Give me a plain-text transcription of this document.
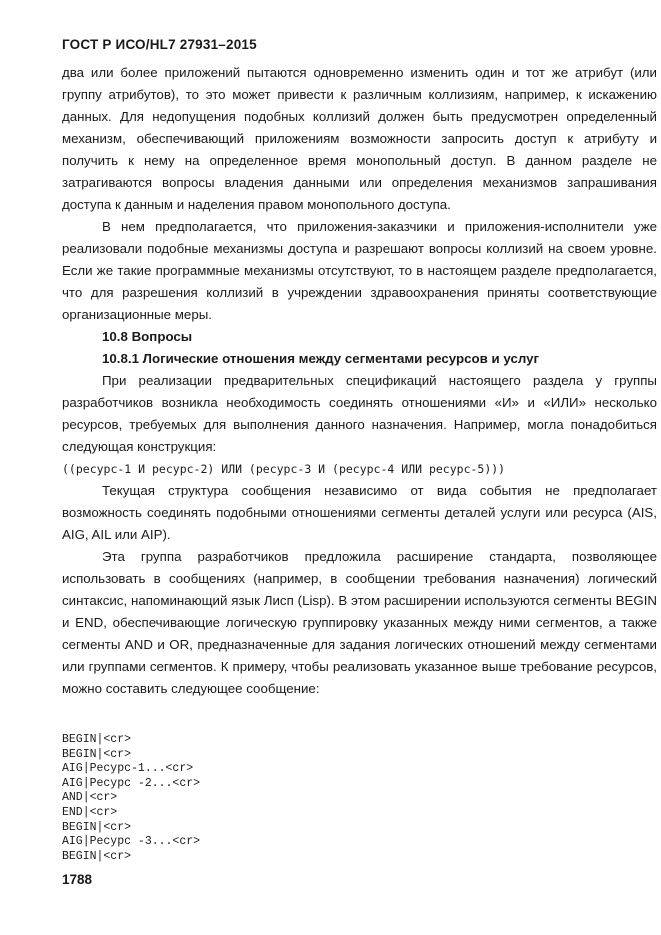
ГОСТ Р ИСО/HL7 27931–2015

два или более приложений пытаются одновременно изменить один и тот же атрибут (или группу атрибутов), то это может привести к различным коллизиям, например, к искажению данных. Для недопущения подобных коллизий должен быть предусмотрен определенный механизм, обеспечивающий приложениям возможности запросить доступ к атрибуту и получить к нему на определенное время монопольный доступ. В данном разделе не затрагиваются вопросы владения данными или определения механизмов запрашивания доступа к данным и наделения правом монопольного доступа.

В нем предполагается, что приложения-заказчики и приложения-исполнители уже реализовали подобные механизмы доступа и разрешают вопросы коллизий на своем уровне. Если же такие программные механизмы отсутствуют, то в настоящем разделе предполагается, что для разрешения коллизий в учреждении здравоохранения приняты соответствующие организационные меры.

10.8 Вопросы

10.8.1 Логические отношения между сегментами ресурсов и услуг

При реализации предварительных спецификаций настоящего раздела у группы разработчиков возникла необходимость соединять отношениями «И» и «ИЛИ» несколько ресурсов, требуемых для выполнения данного назначения. Например, могла понадобиться следующая конструкция:

((ресурс-1 И ресурс-2) ИЛИ (ресурс-3 И (ресурс-4 ИЛИ ресурс-5)))

Текущая структура сообщения независимо от вида события не предполагает возможность соединять подобными отношениями сегменты деталей услуги или ресурса (AIS, AIG, AIL или AIP).

Эта группа разработчиков предложила расширение стандарта, позволяющее использовать в сообщениях (например, в сообщении требования назначения) логический синтаксис, напоминающий язык Лисп (Lisp). В этом расширении используются сегменты BEGIN и END, обеспечивающие логическую группировку указанных между ними сегментов, а также сегменты AND и OR, предназначенные для задания логических отношений между сегментами или группами сегментов. К примеру, чтобы реализовать указанное выше требование ресурсов, можно составить следующее сообщение:

BEGIN|<cr>
BEGIN|<cr>
AIG|Ресурс-1...<cr>
AIG|Ресурс -2...<cr>
AND|<cr>
END|<cr>
BEGIN|<cr>
AIG|Ресурс -3...<cr>
BEGIN|<cr>
1788
